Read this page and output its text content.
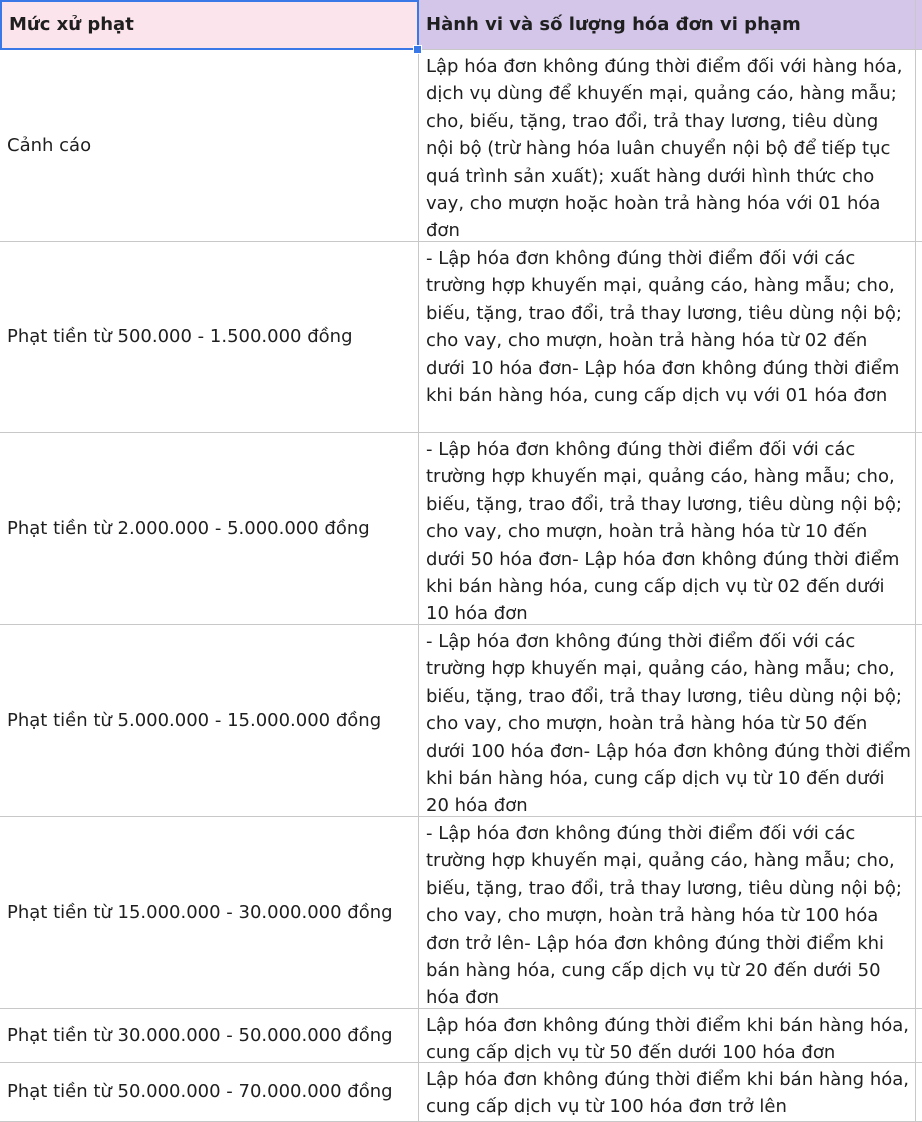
Mức xử phạt	Hành vi và số lượng hóa đơn vi phạm
Cảnh cáo
Lập hóa đơn không đúng thời điểm đối với hàng hóa, dịch vụ dùng để khuyến mại, quảng cáo, hàng mẫu; cho, biếu, tặng, trao đổi, trả thay lương, tiêu dùng nội bộ (trừ hàng hóa luân chuyển nội bộ để tiếp tục quá trình sản xuất); xuất hàng dưới hình thức cho vay, cho mượn hoặc hoàn trả hàng hóa với 01 hóa đơn
Phạt tiền từ 500.000 - 1.500.000 đồng
- Lập hóa đơn không đúng thời điểm đối với các trường hợp khuyến mại, quảng cáo, hàng mẫu; cho, biếu, tặng, trao đổi, trả thay lương, tiêu dùng nội bộ; cho vay, cho mượn, hoàn trả hàng hóa từ 02 đến dưới 10 hóa đơn- Lập hóa đơn không đúng thời điểm khi bán hàng hóa, cung cấp dịch vụ với 01 hóa đơn
Phạt tiền từ 2.000.000 - 5.000.000 đồng
- Lập hóa đơn không đúng thời điểm đối với các trường hợp khuyến mại, quảng cáo, hàng mẫu; cho, biếu, tặng, trao đổi, trả thay lương, tiêu dùng nội bộ; cho vay, cho mượn, hoàn trả hàng hóa từ 10 đến dưới 50 hóa đơn- Lập hóa đơn không đúng thời điểm khi bán hàng hóa, cung cấp dịch vụ từ 02 đến dưới 10 hóa đơn
Phạt tiền từ 5.000.000 - 15.000.000 đồng
- Lập hóa đơn không đúng thời điểm đối với các trường hợp khuyến mại, quảng cáo, hàng mẫu; cho, biếu, tặng, trao đổi, trả thay lương, tiêu dùng nội bộ; cho vay, cho mượn, hoàn trả hàng hóa từ 50 đến dưới 100 hóa đơn- Lập hóa đơn không đúng thời điểm khi bán hàng hóa, cung cấp dịch vụ từ 10 đến dưới 20 hóa đơn
Phạt tiền từ 15.000.000 - 30.000.000 đồng
- Lập hóa đơn không đúng thời điểm đối với các trường hợp khuyến mại, quảng cáo, hàng mẫu; cho, biếu, tặng, trao đổi, trả thay lương, tiêu dùng nội bộ; cho vay, cho mượn, hoàn trả hàng hóa từ 100 hóa đơn trở lên- Lập hóa đơn không đúng thời điểm khi bán hàng hóa, cung cấp dịch vụ từ 20 đến dưới 50 hóa đơn
Phạt tiền từ 30.000.000 - 50.000.000 đồng	Lập hóa đơn không đúng thời điểm khi bán hàng hóa, cung cấp dịch vụ từ 50 đến dưới 100 hóa đơn
Phạt tiền từ 50.000.000 - 70.000.000 đồng
Lập hóa đơn không đúng thời điểm khi bán hàng hóa, cung cấp dịch vụ từ 100 hóa đơn trở lên
